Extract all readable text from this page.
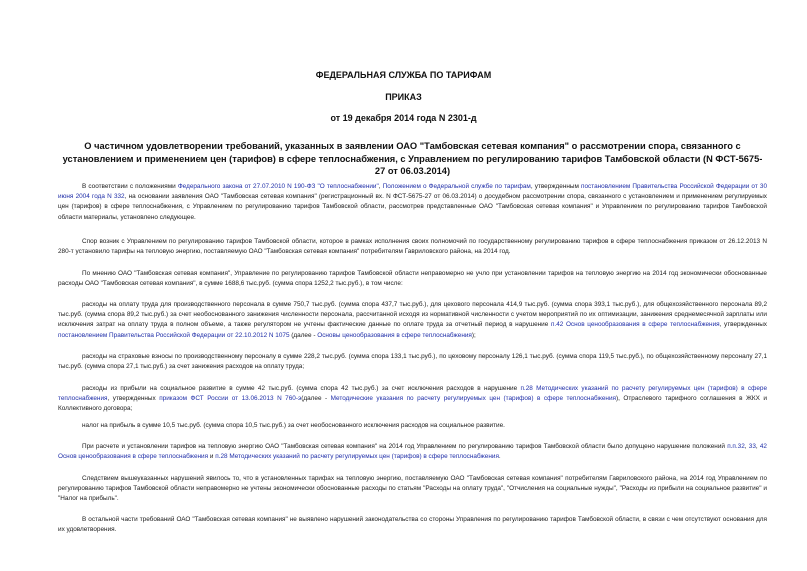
ФЕДЕРАЛЬНАЯ СЛУЖБА ПО ТАРИФАМ
ПРИКАЗ
от 19 декабря 2014 года N 2301-д
О частичном удовлетворении требований, указанных в заявлении ОАО "Тамбовская сетевая компания" о рассмотрении спора, связанного с установлением и применением цен (тарифов) в сфере теплоснабжения, с Управлением по регулированию тарифов Тамбовской области (N ФСТ-5675-27 от 06.03.2014)

В соответствии с положениями Федерального закона от 27.07.2010 N 190-ФЗ "О теплоснабжении", Положением о Федеральной службе по тарифам, утвержденным постановлением Правительства Российской Федерации от 30 июня 2004 года N 332, на основании заявления ОАО "Тамбовская сетевая компания" (регистрационный вх. N ФСТ-5675-27 от 06.03.2014) о досудебном рассмотрении спора, связанного с установлением и применением регулируемых цен (тарифов) в сфере теплоснабжения, с Управлением по регулированию тарифов Тамбовской области, рассмотрев представленные ОАО "Тамбовская сетевая компания" и Управлением по регулированию тарифов Тамбовской области материалы, установлено следующее.

Спор возник с Управлением по регулированию тарифов Тамбовской области, которое в рамках исполнения своих полномочий по государственному регулированию тарифов в сфере теплоснабжения приказом от 26.12.2013 N 280-т установило тарифы на тепловую энергию, поставляемую ОАО "Тамбовская сетевая компания" потребителям Гавриловского района, на 2014 год.

По мнению ОАО "Тамбовская сетевая компания", Управление по регулированию тарифов Тамбовской области неправомерно не учло при установлении тарифов на тепловую энергию на 2014 год экономически обоснованные расходы ОАО "Тамбовская сетевая компания", в сумме 1688,6 тыс.руб. (сумма спора 1252,2 тыс.руб.), в том числе:

расходы на оплату труда для производственного персонала в сумме 750,7 тыс.руб. (сумма спора 437,7 тыс.руб.), для цехового персонала 414,9 тыс.руб. (сумма спора 393,1 тыс.руб.), для общехозяйственного персонала 89,2 тыс.руб. (сумма спора 89,2 тыс.руб.) за счет необоснованного занижения численности персонала, рассчитанной исходя из нормативной численности с учетом мероприятий по их оптимизации, занижения среднемесячной зарплаты или исключения затрат на оплату труда в полном объеме, а также регулятором не учтены фактические данные по оплате труда за отчетный период в нарушение п.42 Основ ценообразования в сфере теплоснабжения, утвержденных постановлением Правительства Российской Федерации от 22.10.2012 N 1075 (далее - Основы ценообразования в сфере теплоснабжения);

расходы на страховые взносы по производственному персоналу в сумме 228,2 тыс.руб. (сумма спора 133,1 тыс.руб.), по цеховому персоналу 126,1 тыс.руб. (сумма спора 119,5 тыс.руб.), по общехозяйственному персоналу 27,1 тыс.руб. (сумма спора 27,1 тыс.руб.) за счет занижения расходов на оплату труда;

расходы из прибыли на социальное развитие в сумме 42 тыс.руб. (сумма спора 42 тыс.руб.) за счет исключения расходов в нарушение п.28 Методических указаний по расчету регулируемых цен (тарифов) в сфере теплоснабжения, утвержденных приказом ФСТ России от 13.06.2013 N 760-э(далее - Методические указания по расчету регулируемых цен (тарифов) в сфере теплоснабжения), Отраслевого тарифного соглашения в ЖКХ и Коллективного договора;

налог на прибыль в сумме 10,5 тыс.руб. (сумма спора 10,5 тыс.руб.) за счет необоснованного исключения расходов на социальное развитие.

При расчете и установлении тарифов на тепловую энергию ОАО "Тамбовская сетевая компания" на 2014 год Управлением по регулированию тарифов Тамбовской области было допущено нарушение положений п.п.32, 33, 42 Основ ценообразования в сфере теплоснабжения и п.28 Методических указаний по расчету регулируемых цен (тарифов) в сфере теплоснабжения.

Следствием вышеуказанных нарушений явилось то, что в установленных тарифах на тепловую энергию, поставляемую ОАО "Тамбовская сетевая компания" потребителям Гавриловского района, на 2014 год Управлением по регулированию тарифов Тамбовской области неправомерно не учтены экономически обоснованные расходы по статьям "Расходы на оплату труда", "Отчисления на социальные нужды", "Расходы из прибыли на социальное развитие" и "Налог на прибыль".

В остальной части требований ОАО "Тамбовская сетевая компания" не выявлено нарушений законодательства со стороны Управления по регулированию тарифов Тамбовской области, в связи с чем отсутствуют основания для их удовлетворения.
